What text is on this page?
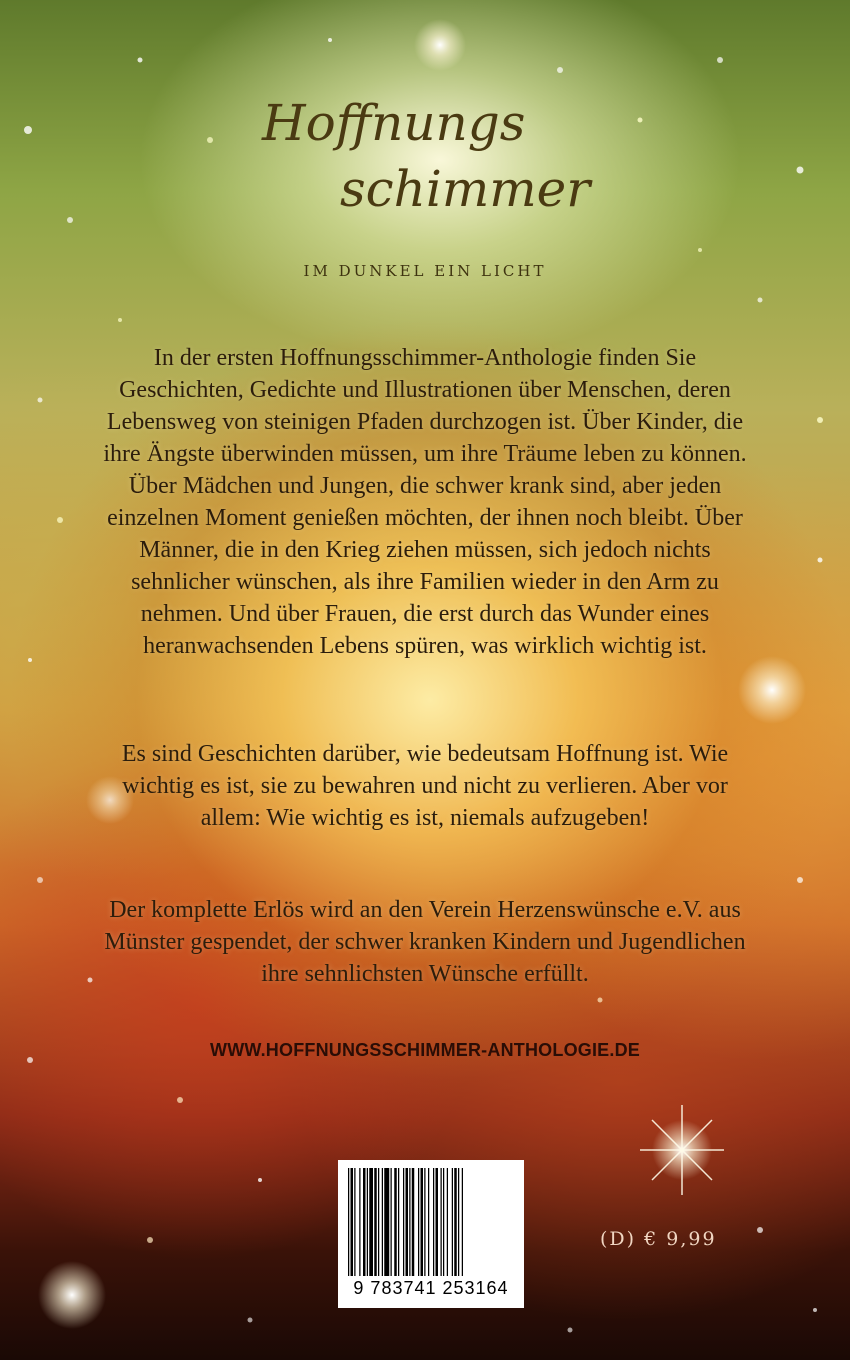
Hoffnungs
schimmer
IM DUNKEL EIN LICHT

In der ersten Hoffnungsschimmer-Anthologie finden Sie Geschichten, Gedichte und Illustrationen über Menschen, deren Lebensweg von steinigen Pfaden durchzogen ist. Über Kinder, die ihre Ängste überwinden müssen, um ihre Träume leben zu können. Über Mädchen und Jungen, die schwer krank sind, aber jeden einzelnen Moment genießen möchten, der ihnen noch bleibt. Über Männer, die in den Krieg ziehen müssen, sich jedoch nichts sehnlicher wünschen, als ihre Familien wieder in den Arm zu nehmen. Und über Frauen, die erst durch das Wunder eines heranwachsenden Lebens spüren, was wirklich wichtig ist.

Es sind Geschichten darüber, wie bedeutsam Hoffnung ist. Wie wichtig es ist, sie zu bewahren und nicht zu verlieren. Aber vor allem: Wie wichtig es ist, niemals aufzugeben!

Der komplette Erlös wird an den Verein Herzenswünsche e.V. aus Münster gespendet, der schwer kranken Kindern und Jugendlichen ihre sehnlichsten Wünsche erfüllt.

WWW.HOFFNUNGSSCHIMMER-ANTHOLOGIE.DE
9 783741 253164
(D) € 9,99
